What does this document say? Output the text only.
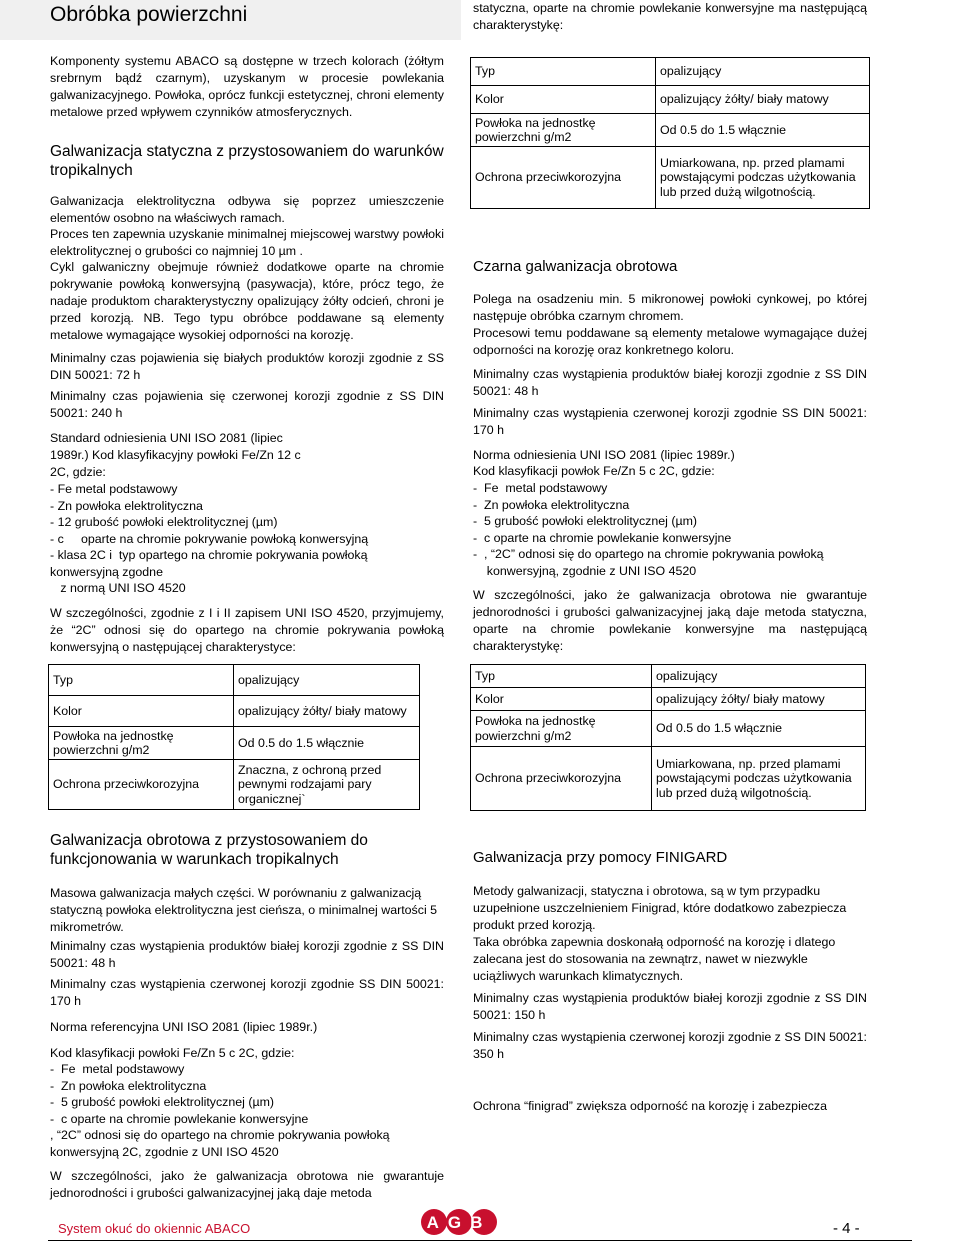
Obróbka powierzchni

Komponenty systemu ABACO są dostępne w trzech kolorach (żółtym srebrnym bądź czarnym), uzyskanym w procesie powlekania galwanizacyjnego. Powłoka, oprócz funkcji estetycznej, chroni elementy metalowe przed wpływem czynników atmosferycznych.

Galwanizacja statyczna z przystosowaniem do warunków tropikalnych

Galwanizacja elektrolityczna odbywa się poprzez umieszczenie elementów osobno na właściwych ramach.

Proces ten zapewnia uzyskanie minimalnej miejscowej warstwy powłoki elektrolitycznej o grubości co najmniej 10 µm .

Cykl galwaniczny obejmuje również dodatkowe oparte na chromie pokrywanie powłoką konwersyjną (pasywacja), które, prócz tego, że nadaje produktom charakterystyczny opalizujący żółty odcień, chroni je przed korozją. NB. Tego typu obróbce poddawane są elementy metalowe wymagające wysokiej odporności na korozję.

Minimalny czas pojawienia się białych produktów korozji zgodnie z SS DIN 50021: 72 h

Minimalny czas pojawienia się czerwonej korozji zgodnie z SS DIN 50021: 240 h

Standard odniesienia UNI ISO 2081 (lipiec
1989r.) Kod klasyfikacyjny powłoki Fe/Zn 12 c
2C, gdzie:
- Fe metal podstawowy
- Zn powłoka elektrolityczna
- 12 grubość powłoki elektrolitycznej (µm)
- c     oparte na chromie pokrywanie powłoką konwersyjną
- klasa 2C i  typ opartego na chromie pokrywania powłoką
konwersyjną zgodne
z normą UNI ISO 4520

W szczególności, zgodnie z I i II zapisem UNI ISO 4520, przyjmujemy, że “2C” odnosi się do opartego na chromie pokrywania powłoką konwersyjną o następującej charakterystyce:

Typ	opalizujący
Kolor	opalizujący żółty/ biały matowy
Powłoka na jednostkę powierzchni g/m2	Od 0.5 do 1.5 włącznie
Ochrona przeciwkorozyjna	Znaczna, z ochroną przed pewnymi rodzajami pary organicznej`
Galwanizacja obrotowa z przystosowaniem do funkcjonowania w warunkach tropikalnych

Masowa galwanizacja małych części. W porównaniu z galwanizacją statyczną powłoka elektrolityczna jest cieńsza, o minimalnej wartości 5 mikrometrów.

Minimalny czas wystąpienia produktów białej korozji zgodnie z SS DIN 50021: 48 h

Minimalny czas wystąpienia czerwonej korozji zgodnie SS DIN 50021: 170 h

Norma referencyjna UNI ISO 2081 (lipiec 1989r.)
Kod klasyfikacji powłoki Fe/Zn 5 c 2C, gdzie:
-  Fe  metal podstawowy
-  Zn powłoka elektrolityczna
-  5 grubość powłoki elektrolitycznej (µm)
-  c oparte na chromie powlekanie konwersyjne
, “2C” odnosi się do opartego na chromie pokrywania powłoką
konwersyjną 2C, zgodnie z UNI ISO 4520

W szczególności, jako że galwanizacja obrotowa nie gwarantuje jednorodności i grubości galwanizacyjnej jaką daje metoda

statyczna, oparte na chromie powlekanie konwersyjne ma następującą charakterystykę:

Typ	opalizujący
Kolor	opalizujący żółty/ biały matowy
Powłoka na jednostkę powierzchni g/m2	Od 0.5 do 1.5 włącznie
Ochrona przeciwkorozyjna	Umiarkowana, np. przed plamami powstającymi podczas użytkowania lub przed dużą wilgotnością.
Czarna galwanizacja obrotowa

Polega na osadzeniu min. 5 mikronowej powłoki cynkowej, po której następuje obróbka czarnym chromem.

Procesowi temu poddawane są elementy metalowe wymagające dużej odporności na korozję oraz konkretnego koloru.

Minimalny czas wystąpienia produktów białej korozji zgodnie z SS DIN 50021: 48 h

Minimalny czas wystąpienia czerwonej korozji zgodnie SS DIN 50021: 170 h

Norma odniesienia UNI ISO 2081 (lipiec 1989r.)
Kod klasyfikacji powłok Fe/Zn 5 c 2C, gdzie:
-  Fe  metal podstawowy
-  Zn powłoka elektrolityczna
-  5 grubość powłoki elektrolitycznej (µm)
-  c oparte na chromie powlekanie konwersyjne
-  , “2C” odnosi się do opartego na chromie pokrywania powłoką
konwersyjną, zgodnie z UNI ISO 4520

W szczególności, jako że galwanizacja obrotowa nie gwarantuje jednorodności i grubości galwanizacyjnej jaką daje metoda statyczna, oparte na chromie powlekanie konwersyjne ma następującą charakterystykę:

Typ	opalizujący
Kolor	opalizujący żółty/ biały matowy
Powłoka na jednostkę powierzchni g/m2	Od 0.5 do 1.5 włącznie
Ochrona przeciwkorozyjna	Umiarkowana, np. przed plamami powstającymi podczas użytkowania lub przed dużą wilgotnością.
Galwanizacja przy pomocy FINIGARD

Metody galwanizacji, statyczna i obrotowa, są w tym przypadku uzupełnione uszczelnieniem Finigrad, które dodatkowo zabezpiecza produkt przed korozją.

Taka obróbka zapewnia doskonałą odporność na korozję i dlatego zalecana jest do stosowania na zewnątrz, nawet w niezwykle uciążliwych warunkach klimatycznych.

Minimalny czas wystąpienia produktów białej korozji zgodnie z SS DIN 50021: 150 h

Minimalny czas wystąpienia czerwonej korozji zgodnie z SS DIN 50021: 350 h

Ochrona “finigrad” zwiększa odporność na korozję i zabezpiecza

System okuć do okiennic ABACO	AGB	- 4 -
